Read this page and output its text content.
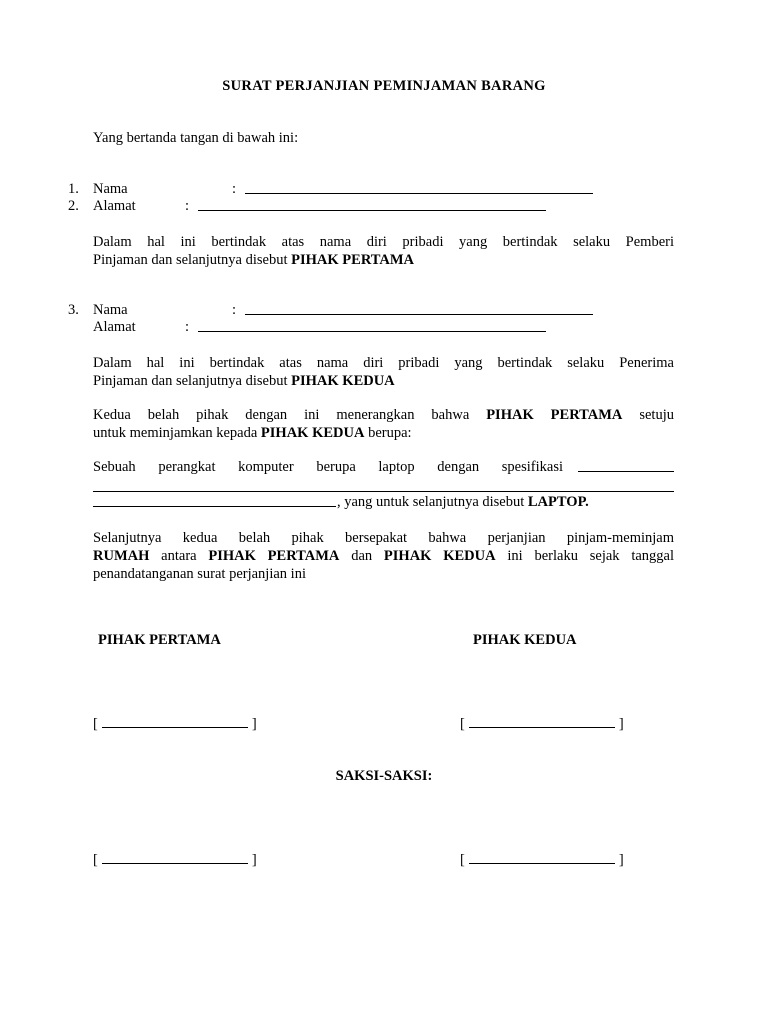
SURAT PERJANJIAN PEMINJAMAN BARANG
Yang bertanda tangan di bawah ini:
1. Nama	:
2. Alamat	:
Dalam hal ini bertindak atas nama diri pribadi yang bertindak selaku Pemberi
Pinjaman dan selanjutnya disebut PIHAK PERTAMA
3. Nama	:
Alamat	:
Dalam hal ini bertindak atas nama diri pribadi yang bertindak selaku Penerima
Pinjaman dan selanjutnya disebut PIHAK KEDUA
Kedua belah pihak dengan ini menerangkan bahwa PIHAK PERTAMA setuju
untuk meminjamkan kepada PIHAK KEDUA berupa:
Sebuah perangkat komputer berupa laptop dengan spesifikasi
, yang untuk selanjutnya disebut LAPTOP.
Selanjutnya kedua belah pihak bersepakat bahwa perjanjian pinjam-meminjam
RUMAH antara PIHAK PERTAMA dan PIHAK KEDUA ini berlaku sejak tanggal
penandatanganan surat perjanjian ini
PIHAK PERTAMA	PIHAK KEDUA
[	]	[	]
SAKSI-SAKSI:
[	]	[	]
